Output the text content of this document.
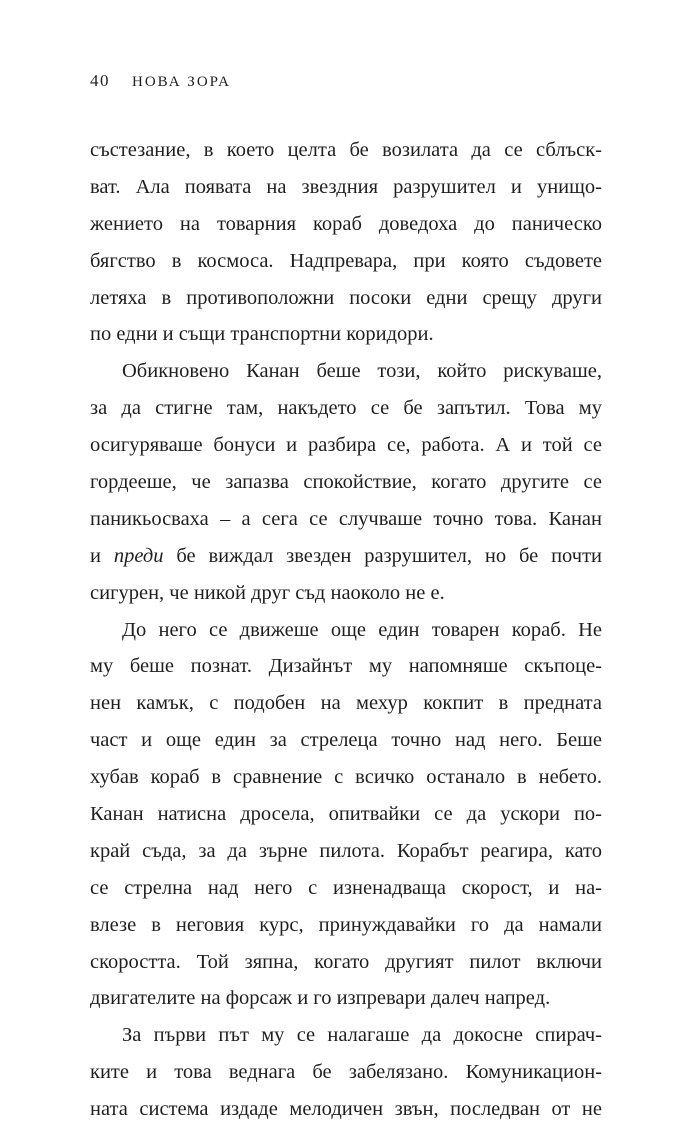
40 НОВА ЗОРА
състезание, в което целта бе возилата да се сблъск-
ват. Ала появата на звездния разрушител и унищо-
жението на товарния кораб доведоха до паническо
бягство в космоса. Надпревара, при която съдовете
летяха в противоположни посоки едни срещу други
по едни и същи транспортни коридори.
Обикновено Канан беше този, който рискуваше,
за да стигне там, накъдето се бе запътил. Това му
осигуряваше бонуси и разбира се, работа. А и той се
гордееше, че запазва спокойствие, когато другите се
паникьосваха – а сега се случваше точно това. Канан
и преди бе виждал звезден разрушител, но бе почти
сигурен, че никой друг съд наоколо не е.
До него се движеше още един товарен кораб. Не
му беше познат. Дизайнът му напомняше скъпоце-
нен камък, с подобен на мехур кокпит в предната
част и още един за стрелеца точно над него. Беше
хубав кораб в сравнение с всичко останало в небето.
Канан натисна дросела, опитвайки се да ускори по-
край съда, за да зърне пилота. Корабът реагира, като
се стрелна над него с изненадваща скорост, и на-
влезе в неговия курс, принуждавайки го да намали
скоростта. Той зяпна, когато другият пилот включи
двигателите на форсаж и го изпревари далеч напред.
За първи път му се налагаше да докосне спирач-
ките и това веднага бе забелязано. Комуникацион-
ната система издаде мелодичен звън, последван от не
